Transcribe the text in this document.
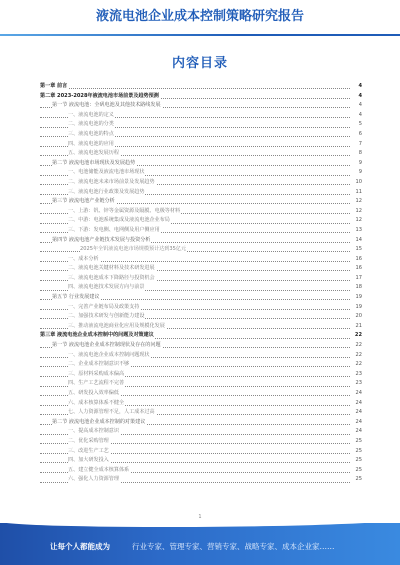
液流电池企业成本控制策略研究报告
内容目录
第一章 前言	4
第二章 2023-2028年液流电池市场前景及趋势预测	4
第一节 液流电池：全矾电池及其他技术路线发展	4
一、液流电池的定义	4
二、液流电池的分类	5
三、液流电池的特点	6
四、液流电池的应用	7
五、液流电池发展历程	8
第二节 液流电池市场现状及发展趋势	9
一、电池储能及液流电池市场现状	9
二、液流电池未来市场前景及发展趋势	10
三、液流电池行业政策及发展趋势	11
第三节 液流电池产业链分析	12
一、上游：钒、锌等金属资源及隔膜、电极等材料	12
二、中游：电池系统集成及液流电池企业布局	12
三、下游：发电侧、电网侧及用户侧应用	13
第四节 液流电池产业链技术发展与投资分析	14
2025年全钒液流电池市场规模预计达到35亿元	15
一、成本分析	16
二、液流电池关键材料及技术研发进展	16
三、液流电池成本下降路径与投资机会	17
四、液流电池技术发展方向与前景	18
第五节 行业发展建议	19
一、完善产业链布局及政策支持	19
二、加强技术研发与创新能力建设	20
三、推动液流电池商业化应用及规模化发展	21
第三章 液流电池企业成本控制中的问题及对策建议	22
第一节 液流电池企业成本控制现状及存在的问题	22
一、液流电池企业成本控制问题现状	22
二、企业成本控制意识不够	22
三、原材料采购成本偏高	23
四、生产工艺流程不完善	23
五、研发投入效率偏低	24
六、成本核算体系不健全	24
七、人力资源管理不足，人工成本过高	24
第二节 液流电池企业成本控制的对策建议	24
一、提高成本控制意识	24
二、优化采购管理	25
三、改进生产工艺	25
四、加大研发投入	25
五、建立健全成本核算体系	25
六、强化人力资源管理	25
1
让每个人都能成为	行业专家、管理专家、营销专家、战略专家、成本企业家……
